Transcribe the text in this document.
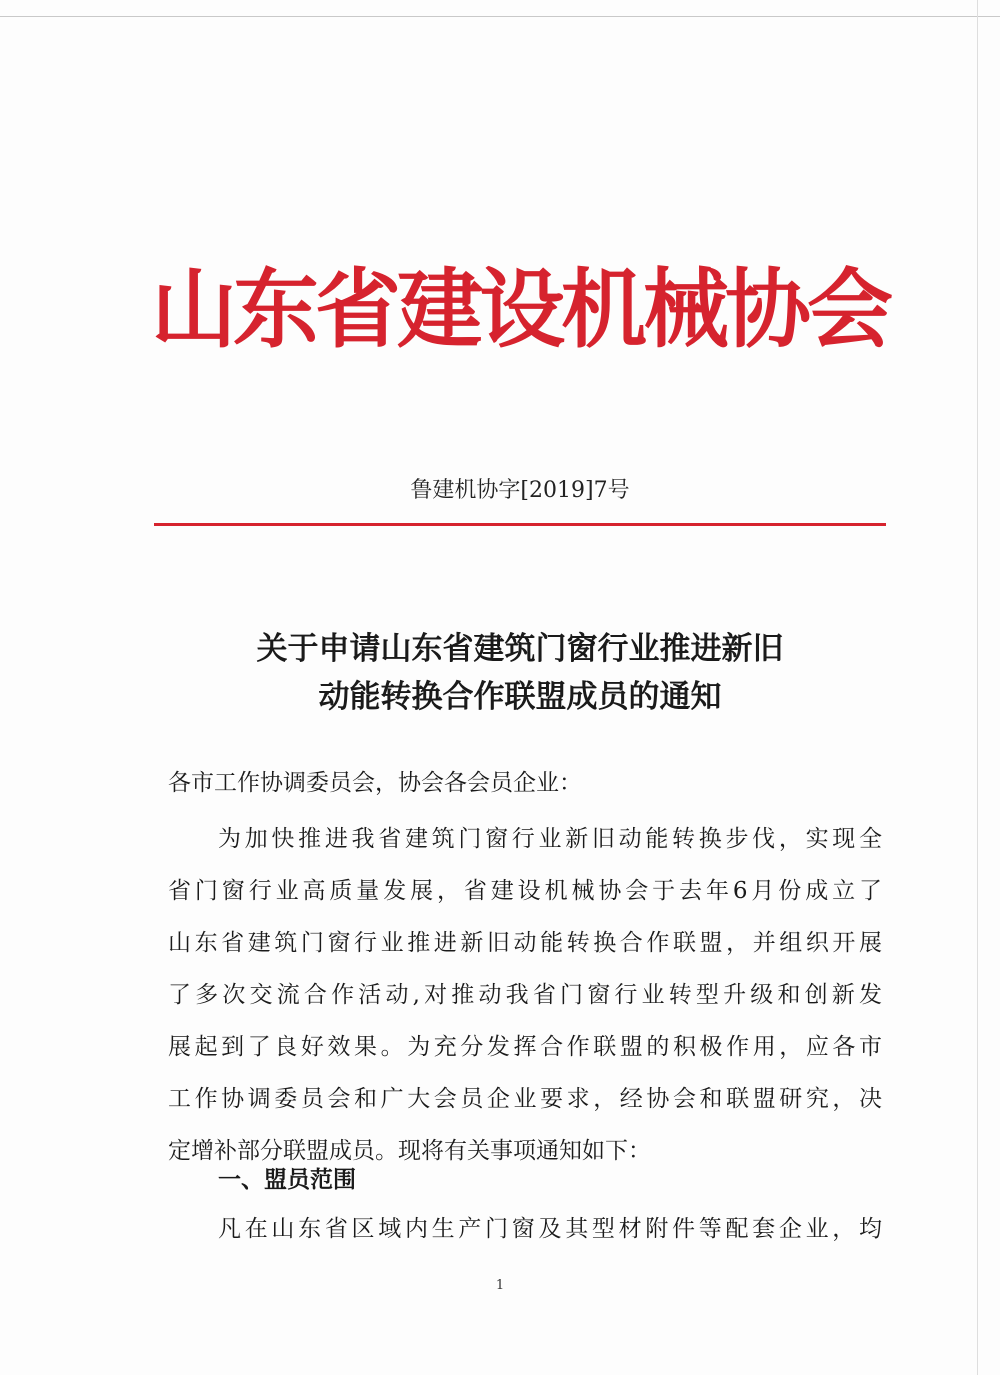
山东省建设机械协会
鲁建机协字[2019]7号
关于申请山东省建筑门窗行业推进新旧
动能转换合作联盟成员的通知
各市工作协调委员会，协会各会员企业：
为加快推进我省建筑门窗行业新旧动能转换步伐，实现全
省门窗行业高质量发展，省建设机械协会于去年6月份成立了
山东省建筑门窗行业推进新旧动能转换合作联盟，并组织开展
了多次交流合作活动,对推动我省门窗行业转型升级和创新发
展起到了良好效果。为充分发挥合作联盟的积极作用，应各市
工作协调委员会和广大会员企业要求，经协会和联盟研究，决
定增补部分联盟成员。现将有关事项通知如下：
一、盟员范围
凡在山东省区域内生产门窗及其型材附件等配套企业，均
1
